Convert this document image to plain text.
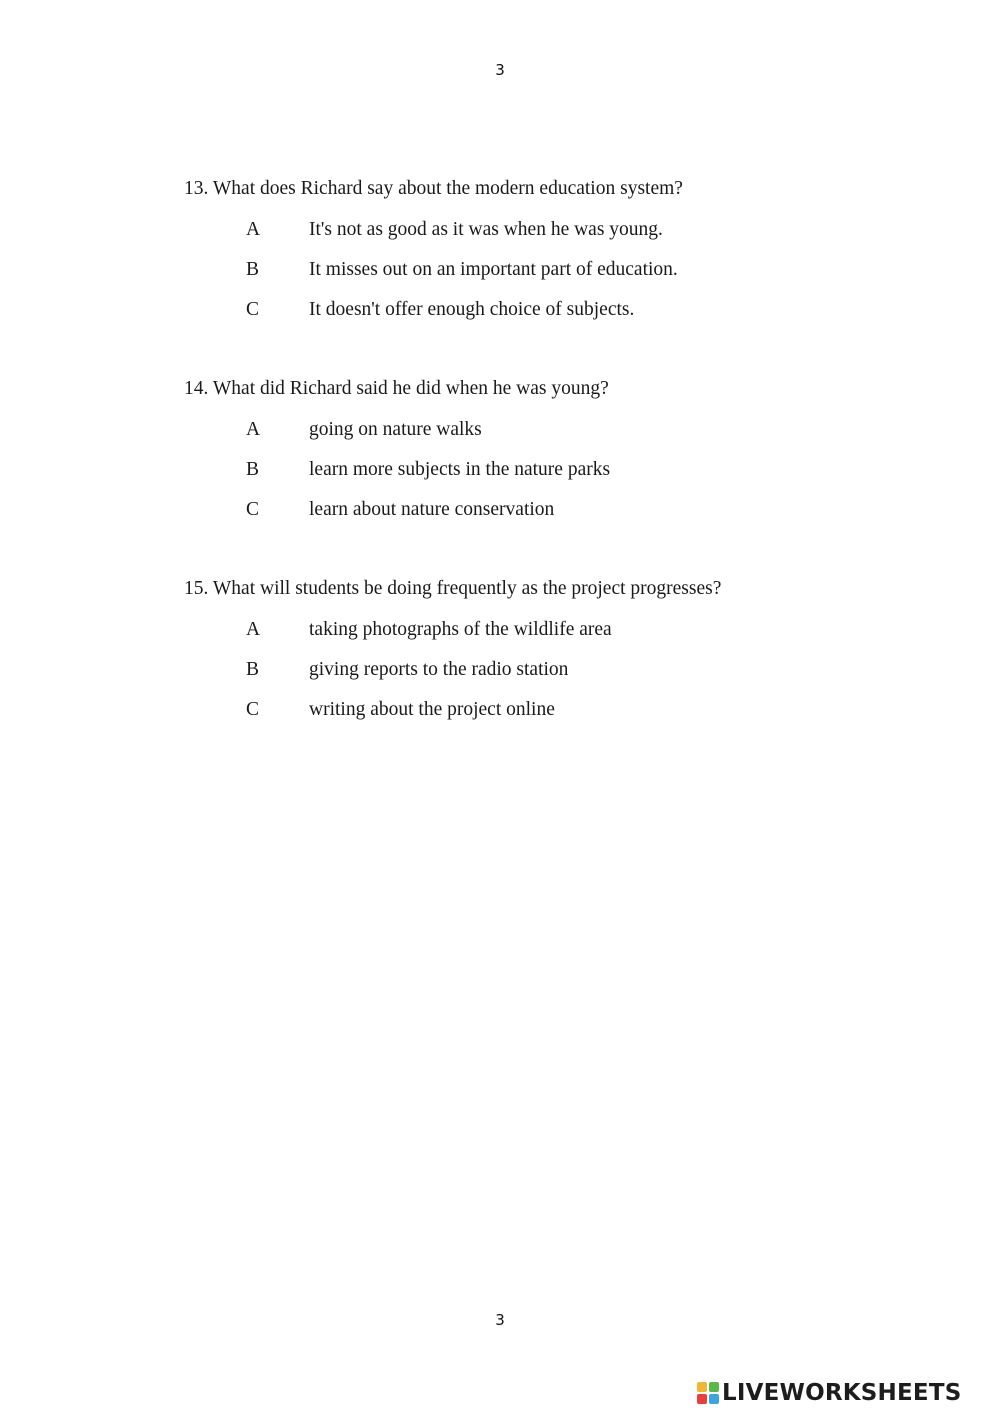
3

13. What does Richard say about the modern education system?

A	It's not as good as it was when he was young.
B	It misses out on an important part of education.
C	It doesn't offer enough choice of subjects.

14. What did Richard said he did when he was young?

A	going on nature walks
B	learn more subjects in the nature parks
C	learn about nature conservation

15. What will students be doing frequently as the project progresses?

A	taking photographs of the wildlife area
B	giving reports to the radio station
C	writing about the project online
3
LIVEWORKSHEETS
